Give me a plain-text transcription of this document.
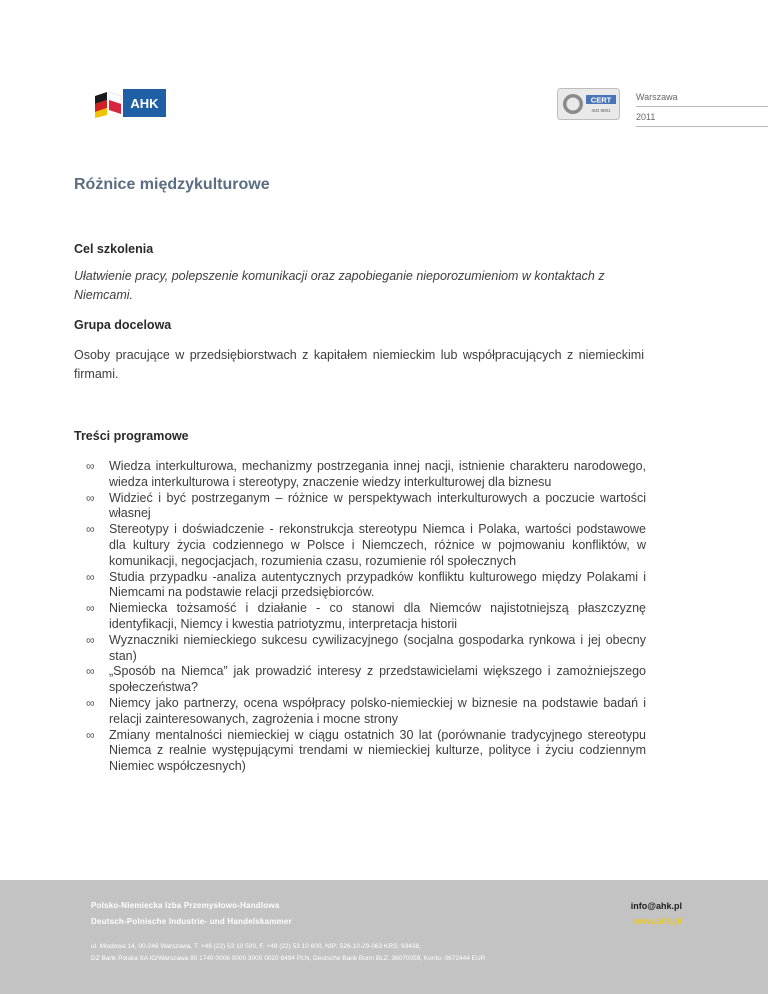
AHK	CERT
ISO 9001
Warszawa
2011
Różnice międzykulturowe
Cel szkolenia

Ułatwienie pracy, polepszenie komunikacji oraz zapobieganie nieporozumieniom w kontaktach z Niemcami.

Grupa docelowa

Osoby pracujące w przedsiębiorstwach z kapitałem niemieckim lub współpracujących z niemieckimi firmami.

Treści programowe
∞ Wiedza interkulturowa, mechanizmy postrzegania innej nacji, istnienie charakteru narodowego, wiedza interkulturowa i stereotypy, znaczenie wiedzy interkulturowej dla biznesu
∞ Widzieć i być postrzeganym – różnice w perspektywach interkulturowych a poczucie wartości własnej
∞ Stereotypy i doświadczenie - rekonstrukcja stereotypu Niemca i Polaka, wartości podstawowe dla kultury życia codziennego w Polsce i Niemczech, różnice w pojmowaniu konfliktów, w komunikacji, negocjacjach, rozumienia czasu, rozumienie ról społecznych
∞ Studia przypadku -analiza autentycznych przypadków konfliktu kulturowego między Polakami i Niemcami na podstawie relacji przedsiębiorców.
∞ Niemiecka tożsamość i działanie - co stanowi dla Niemców najistotniejszą płaszczyznę identyfikacji, Niemcy i kwestia patriotyzmu, interpretacja historii
∞ Wyznaczniki niemieckiego sukcesu cywilizacyjnego (socjalna gospodarka rynkowa i jej obecny stan)
∞ „Sposób na Niemca” jak prowadzić interesy z przedstawicielami większego i zamożniejszego społeczeństwa?
∞ Niemcy jako partnerzy, ocena współpracy polsko-niemieckiej w biznesie na podstawie badań i relacji zainteresowanych, zagrożenia i mocne strony
∞ Zmiany mentalności niemieckiej w ciągu ostatnich 30 lat (porównanie tradycyjnego stereotypu Niemca z realnie występującymi trendami w niemieckiej kulturze, polityce i życiu codziennym Niemiec współczesnych)
Polsko-Niemiecka Izba Przemysłowo-Handlowa
Deutsch-Polnische Industrie- und Handelskammer
ul. Miodowa 14, 00-246 Warszawa, T. +48 (22) 53 10 500, F. +48 (22) 53 10 600, NIP: 526-10-29-063 KRS: 93438,
DZ Bank Polska SA IO/Warszawa 80 1740 0006 0000 3000 0020 8494 PLN, Deutsche Bank Bonn BLZ: 38070059, Konto: 0672444 EUR
info@ahk.pl
www.ahk.pl
